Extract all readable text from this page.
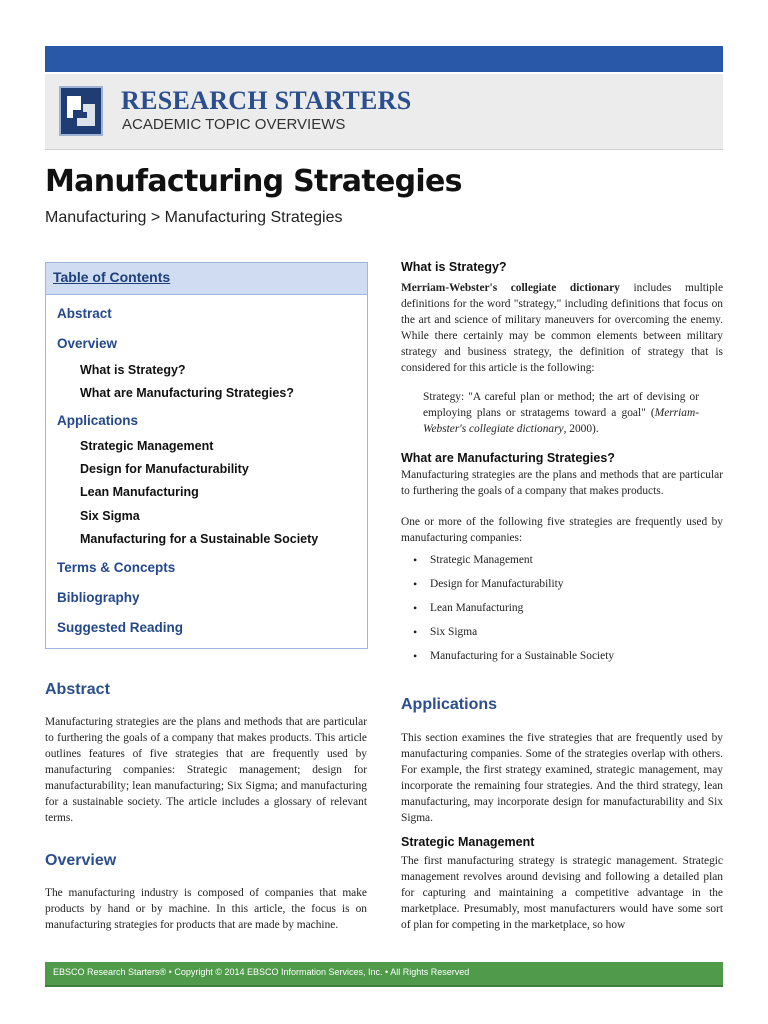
RESEARCH STARTERS
ACADEMIC TOPIC OVERVIEWS
Manufacturing Strategies
Manufacturing > Manufacturing Strategies
Table of Contents
Abstract
Overview
What is Strategy?
What are Manufacturing Strategies?
Applications
Strategic Management
Design for Manufacturability
Lean Manufacturing
Six Sigma
Manufacturing for a Sustainable Society
Terms & Concepts
Bibliography
Suggested Reading
Abstract

Manufacturing strategies are the plans and methods that are particular to furthering the goals of a company that makes products. This article outlines features of five strategies that are frequently used by manufacturing companies: Strategic management; design for manufacturability; lean manufacturing; Six Sigma; and manufacturing for a sustainable society. The article includes a glossary of relevant terms.

Overview

The manufacturing industry is composed of companies that make products by hand or by machine. In this article, the focus is on manufacturing strategies for products that are made by machine.

What is Strategy?

Merriam-Webster's collegiate dictionary includes multiple definitions for the word "strategy," including definitions that focus on the art and science of military maneuvers for overcoming the enemy. While there certainly may be common elements between military strategy and business strategy, the definition of strategy that is considered for this article is the following:

Strategy: "A careful plan or method; the art of devising or employing plans or stratagems toward a goal" (Merriam-Webster's collegiate dictionary, 2000).

What are Manufacturing Strategies?

Manufacturing strategies are the plans and methods that are particular to furthering the goals of a company that makes products.

One or more of the following five strategies are frequently used by manufacturing companies:

• Strategic Management
• Design for Manufacturability
• Lean Manufacturing
• Six Sigma
• Manufacturing for a Sustainable Society
Applications

This section examines the five strategies that are frequently used by manufacturing companies. Some of the strategies overlap with others. For example, the first strategy examined, strategic management, may incorporate the remaining four strategies. And the third strategy, lean manufacturing, may incorporate design for manufacturability and Six Sigma.

Strategic Management

The first manufacturing strategy is strategic management. Strategic management revolves around devising and following a detailed plan for capturing and maintaining a competitive advantage in the marketplace. Presumably, most manufacturers would have some sort of plan for competing in the marketplace, so how

EBSCO Research Starters® • Copyright © 2014 EBSCO Information Services, Inc. • All Rights Reserved
